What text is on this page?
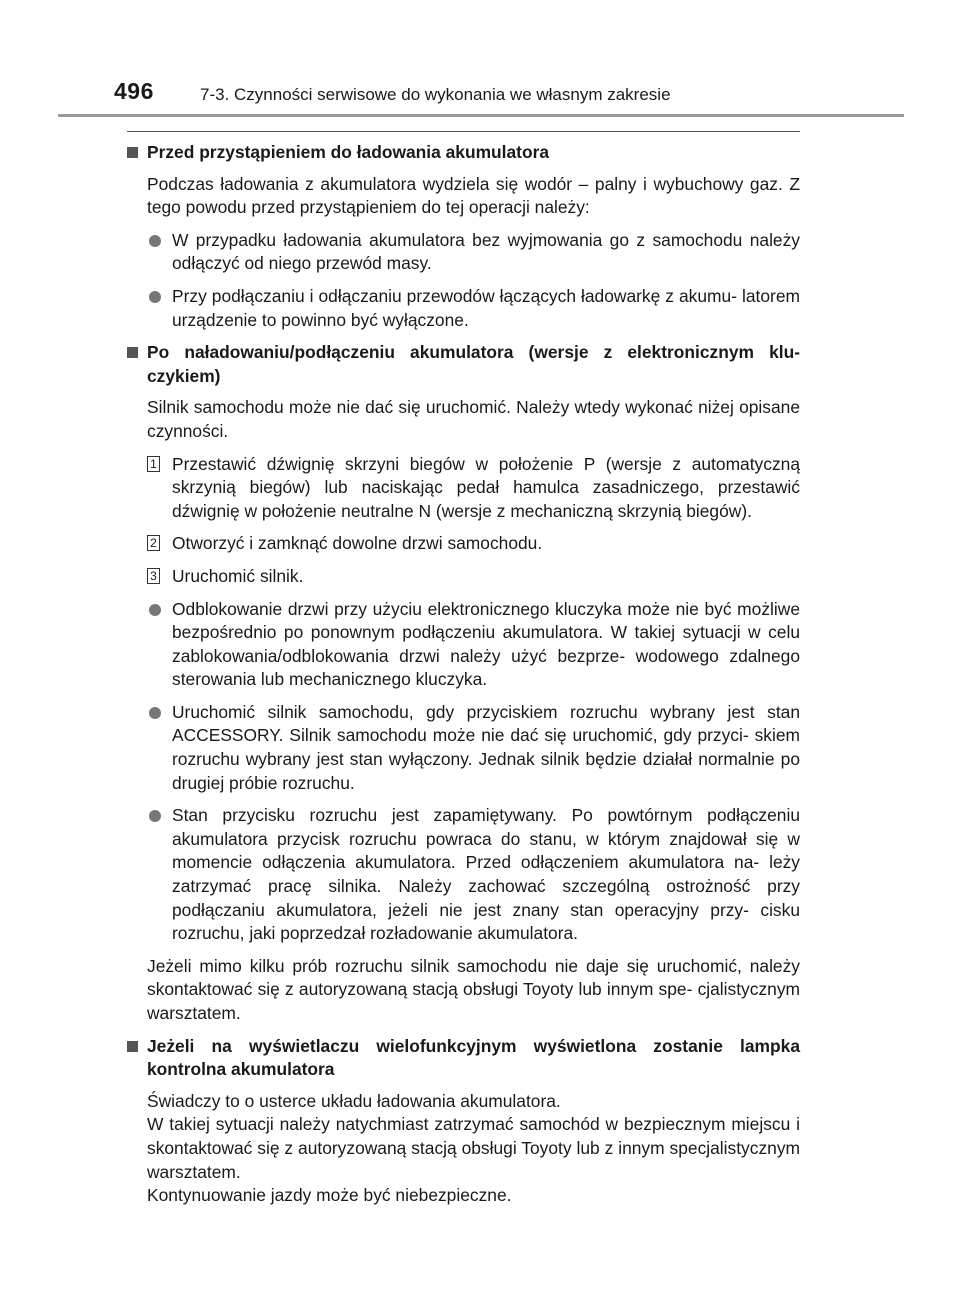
496	7-3. Czynności serwisowe do wykonania we własnym zakresie
Przed przystąpieniem do ładowania akumulatora
Podczas ładowania z akumulatora wydziela się wodór – palny i wybuchowy gaz. Z tego powodu przed przystąpieniem do tej operacji należy:
W przypadku ładowania akumulatora bez wyjmowania go z samochodu należy odłączyć od niego przewód masy.
Przy podłączaniu i odłączaniu przewodów łączących ładowarkę z akumu- latorem urządzenie to powinno być wyłączone.
Po naładowaniu/podłączeniu akumulatora (wersje z elektronicznym klu- czykiem)
Silnik samochodu może nie dać się uruchomić. Należy wtedy wykonać niżej opisane czynności.
1 Przestawić dźwignię skrzyni biegów w położenie P (wersje z automatyczną skrzynią biegów) lub naciskając pedał hamulca zasadniczego, przestawić dźwignię w położenie neutralne N (wersje z mechaniczną skrzynią biegów).
2 Otworzyć i zamknąć dowolne drzwi samochodu.
3 Uruchomić silnik.
Odblokowanie drzwi przy użyciu elektronicznego kluczyka może nie być możliwe bezpośrednio po ponownym podłączeniu akumulatora. W takiej sytuacji w celu zablokowania/odblokowania drzwi należy użyć bezprze- wodowego zdalnego sterowania lub mechanicznego kluczyka.
Uruchomić silnik samochodu, gdy przyciskiem rozruchu wybrany jest stan ACCESSORY. Silnik samochodu może nie dać się uruchomić, gdy przyci- skiem rozruchu wybrany jest stan wyłączony. Jednak silnik będzie działał normalnie po drugiej próbie rozruchu.
Stan przycisku rozruchu jest zapamiętywany. Po powtórnym podłączeniu akumulatora przycisk rozruchu powraca do stanu, w którym znajdował się w momencie odłączenia akumulatora. Przed odłączeniem akumulatora na- leży zatrzymać pracę silnika. Należy zachować szczególną ostrożność przy podłączaniu akumulatora, jeżeli nie jest znany stan operacyjny przy- cisku rozruchu, jaki poprzedzał rozładowanie akumulatora.
Jeżeli mimo kilku prób rozruchu silnik samochodu nie daje się uruchomić, należy skontaktować się z autoryzowaną stacją obsługi Toyoty lub innym spe- cjalistycznym warsztatem.
Jeżeli na wyświetlaczu wielofunkcyjnym wyświetlona zostanie lampka kontrolna akumulatora
Świadczy to o usterce układu ładowania akumulatora.
W takiej sytuacji należy natychmiast zatrzymać samochód w bezpiecznym miejscu i skontaktować się z autoryzowaną stacją obsługi Toyoty lub z innym specjalistycznym warsztatem.
Kontynuowanie jazdy może być niebezpieczne.
